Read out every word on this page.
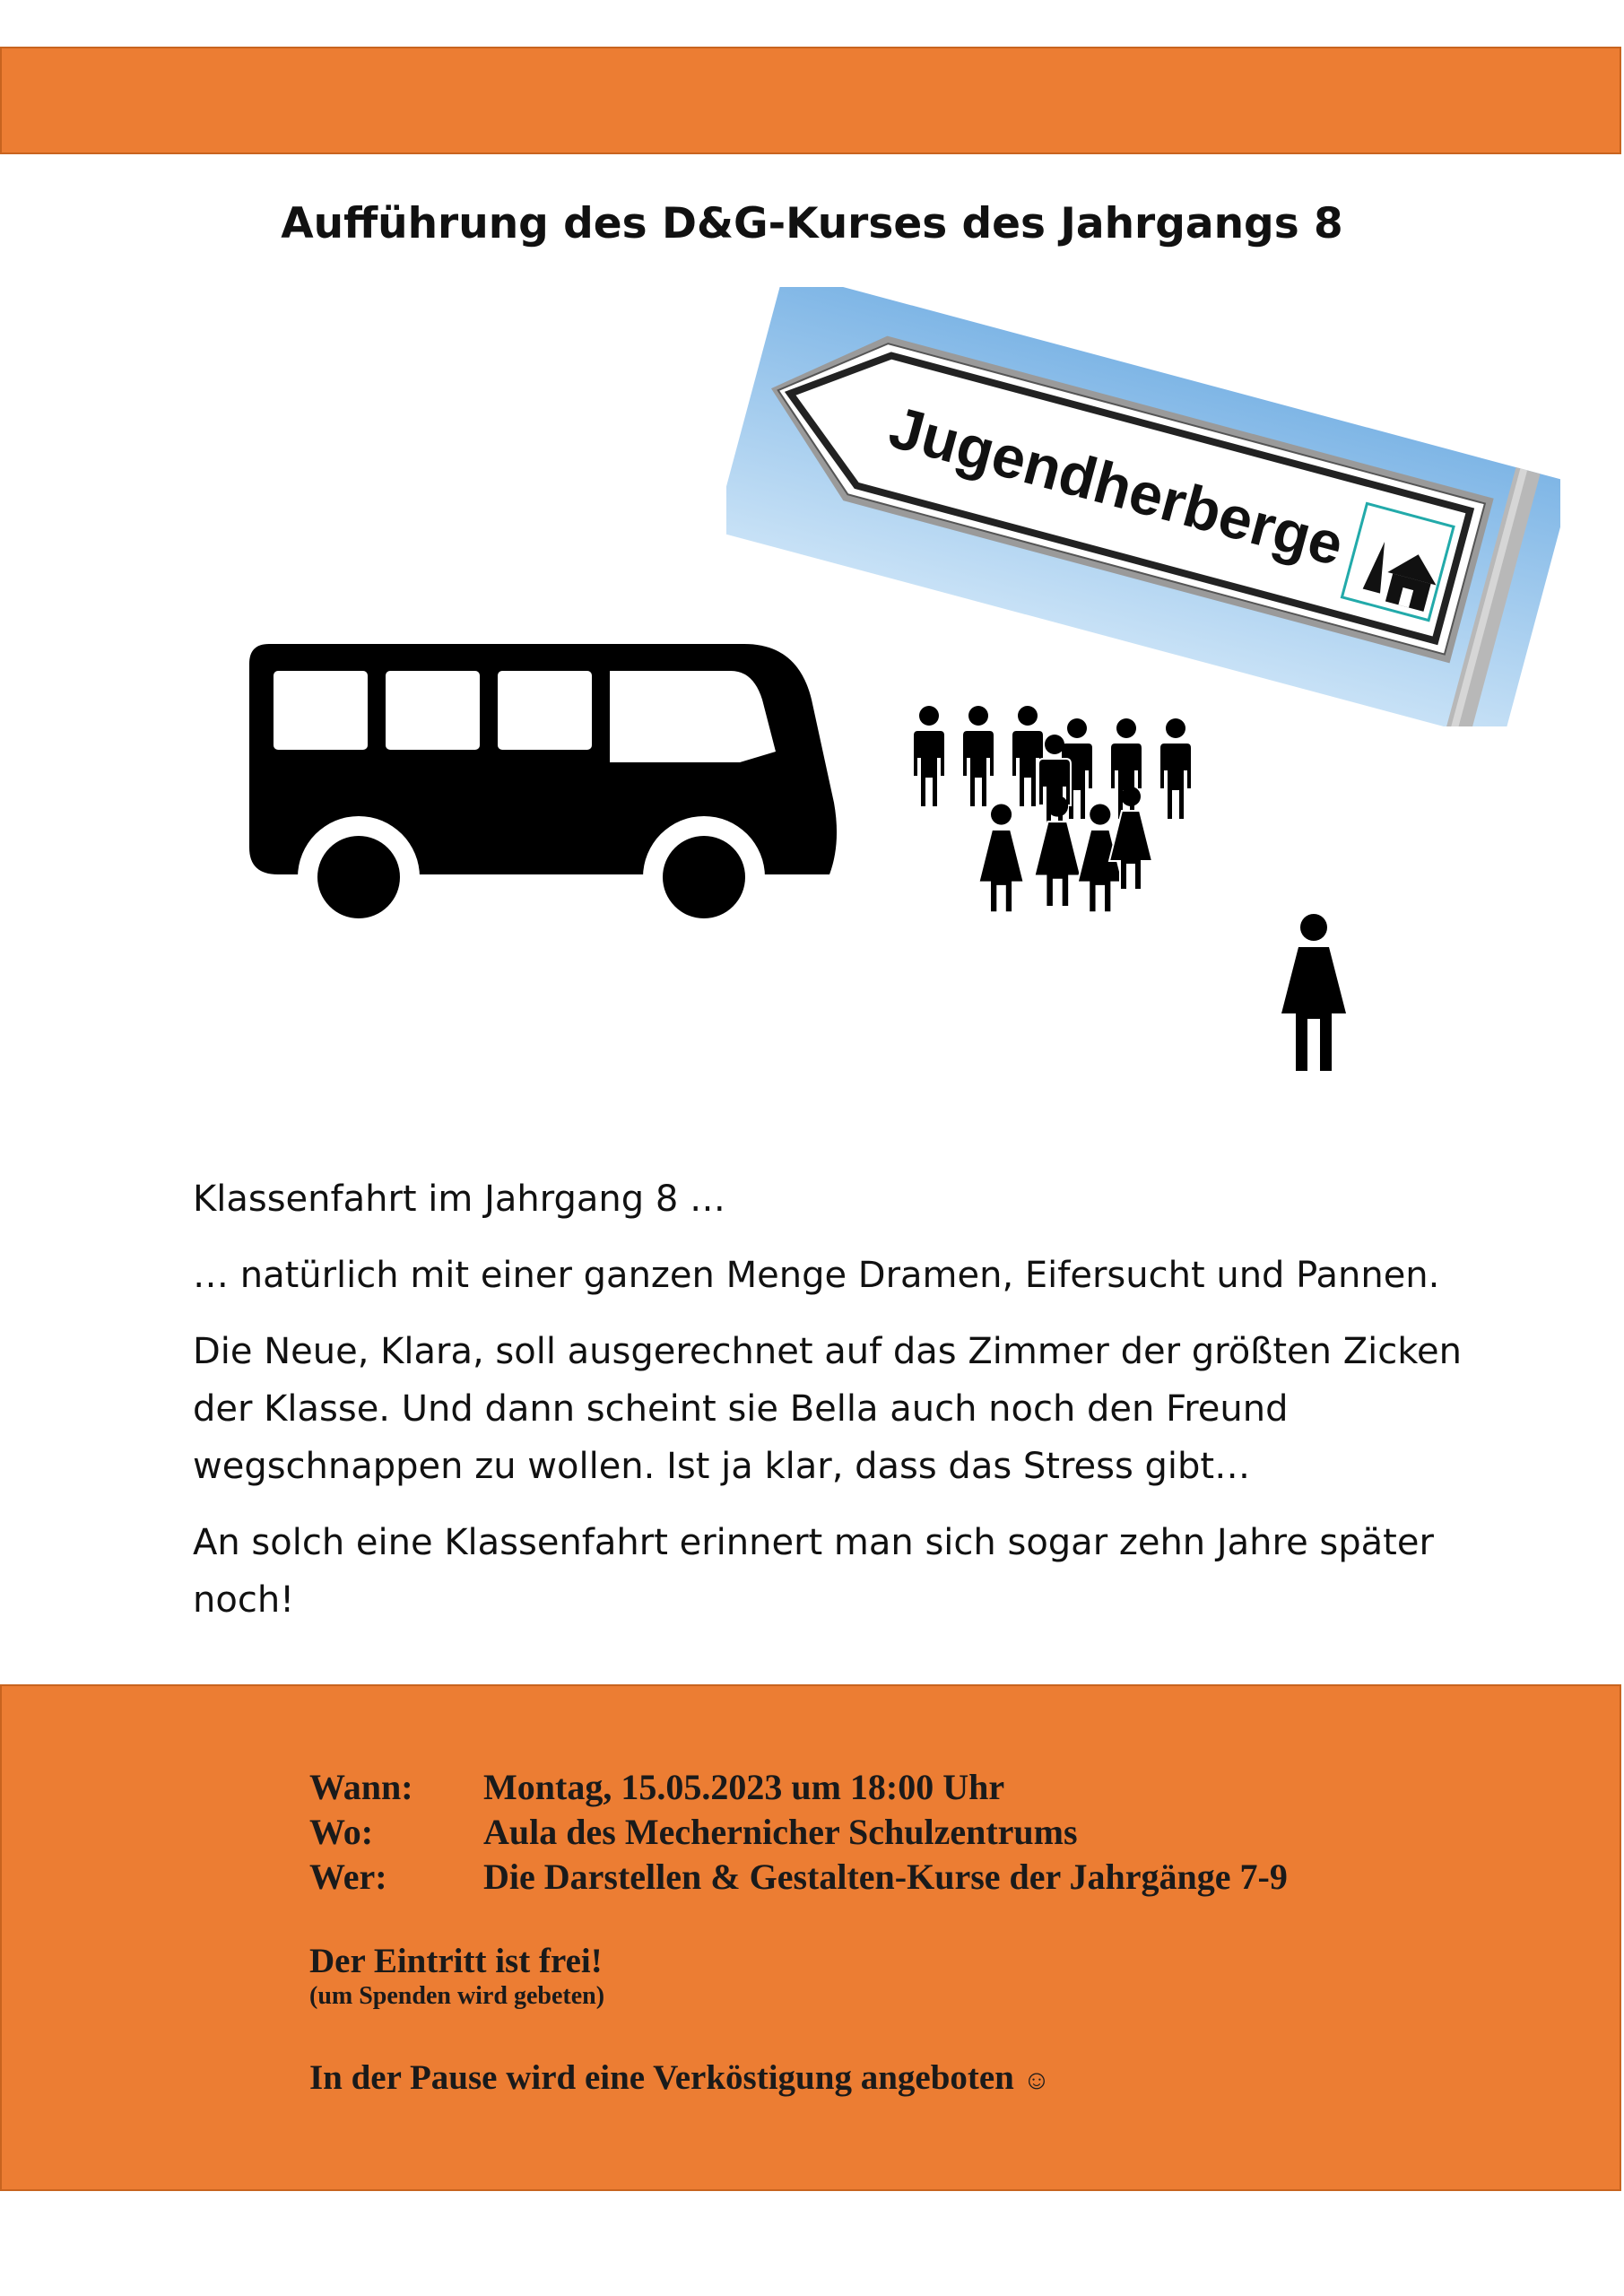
Aufführung des D&G-Kurses des Jahrgangs 8
Jugendherberge

Klassenfahrt im Jahrgang 8 …

… natürlich mit einer ganzen Menge Dramen, Eifersucht und Pannen.

Die Neue, Klara, soll ausgerechnet auf das Zimmer der größten Zicken der Klasse. Und dann scheint sie Bella auch noch den Freund wegschnappen zu wollen. Ist ja klar, dass das Stress gibt…

An solch eine Klassenfahrt erinnert man sich sogar zehn Jahre später noch!

Wann: Montag, 15.05.2023 um 18:00 Uhr
Wo:	Aula des Mechernicher Schulzentrums
Wer:	Die Darstellen & Gestalten-Kurse der Jahrgänge 7-9
Der Eintritt ist frei!
(um Spenden wird gebeten)
In der Pause wird eine Verköstigung angeboten ☺
